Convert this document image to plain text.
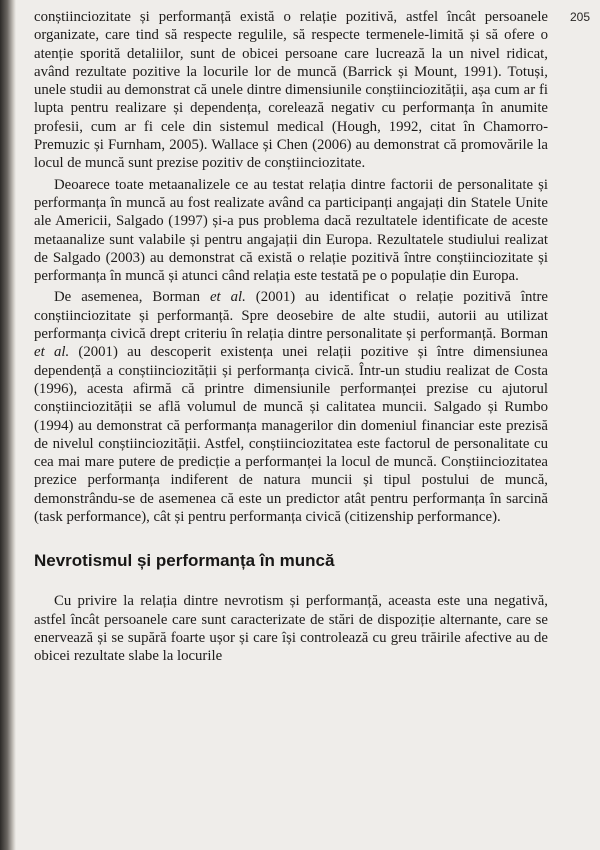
205

conștiinciozitate și performanță există o relație pozitivă, astfel încât persoanele organizate, care tind să respecte regulile, să respecte termenele-limită și să ofere o atenție sporită detaliilor, sunt de obicei persoane care lucrează la un nivel ridicat, având rezultate pozitive la locurile lor de muncă (Barrick și Mount, 1991). Totuși, unele studii au demonstrat că unele dintre dimensiunile conștiinciozității, așa cum ar fi lupta pentru realizare și dependența, corelează negativ cu performanța în anumite profesii, cum ar fi cele din sistemul medical (Hough, 1992, citat în Chamorro-Premuzic și Furnham, 2005). Wallace și Chen (2006) au demonstrat că promovările la locul de muncă sunt prezise pozitiv de conștiinciozitate.

Deoarece toate metaanalizele ce au testat relația dintre factorii de personalitate și performanța în muncă au fost realizate având ca participanți angajați din Statele Unite ale Americii, Salgado (1997) și-a pus problema dacă rezultatele identificate de aceste metaanalize sunt valabile și pentru angajații din Europa. Rezultatele studiului realizat de Salgado (2003) au demonstrat că există o relație pozitivă între conștiinciozitate și performanța în muncă și atunci când relația este testată pe o populație din Europa.

De asemenea, Borman et al. (2001) au identificat o relație pozitivă între conștiinciozitate și performanță. Spre deosebire de alte studii, autorii au utilizat performanța civică drept criteriu în relația dintre personalitate și performanță. Borman et al. (2001) au descoperit existența unei relații pozitive și între dimensiunea dependență a conștiinciozității și performanța civică. Într-un studiu realizat de Costa (1996), acesta afirmă că printre dimensiunile performanței prezise cu ajutorul conștiinciozității se află volumul de muncă și calitatea muncii. Salgado și Rumbo (1994) au demonstrat că performanța managerilor din domeniul financiar este prezisă de nivelul conștiinciozității. Astfel, conștiinciozitatea este factorul de personalitate cu cea mai mare putere de predicție a performanței la locul de muncă. Conștiinciozitatea prezice performanța indiferent de natura muncii și tipul postului de muncă, demonstrându-se de asemenea că este un predictor atât pentru performanța în sarcină (task performance), cât și pentru performanța civică (citizenship performance).

Nevrotismul și performanța în muncă

Cu privire la relația dintre nevrotism și performanță, aceasta este una negativă, astfel încât persoanele care sunt caracterizate de stări de dispoziție alternante, care se enervează și se supără foarte ușor și care își controlează cu greu trăirile afective au de obicei rezultate slabe la locurile
